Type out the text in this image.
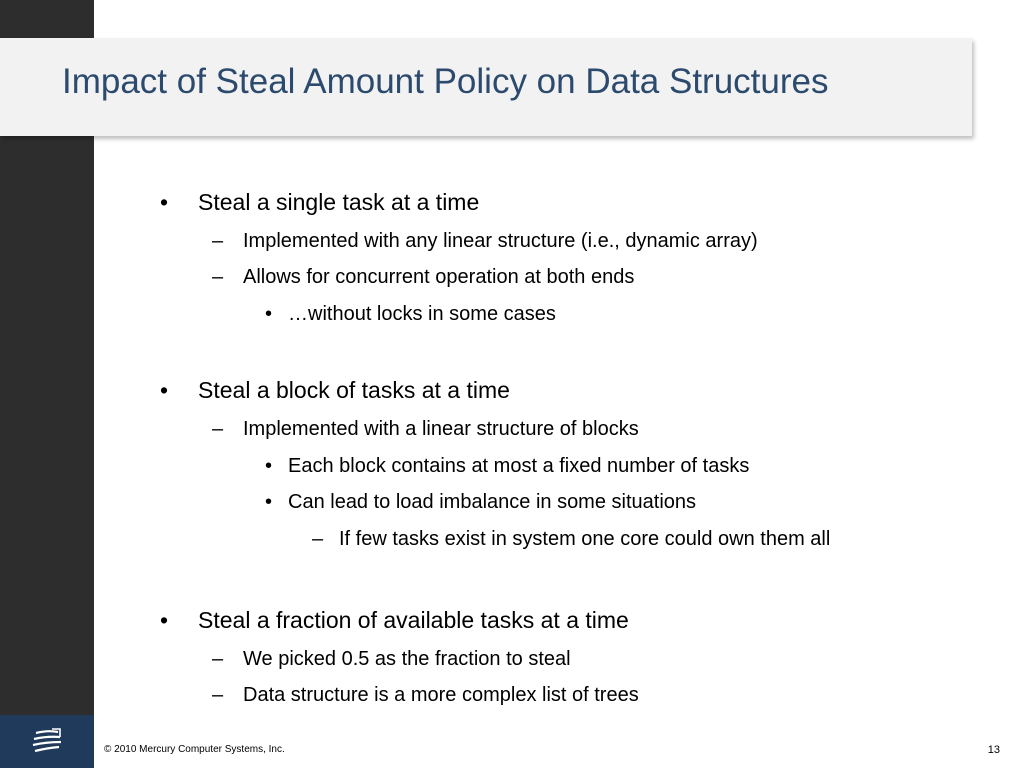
Impact of Steal Amount Policy on Data Structures
• Steal a single task at a time
– Implemented with any linear structure (i.e., dynamic array)
– Allows for concurrent operation at both ends
• …without locks in some cases
• Steal a block of tasks at a time
– Implemented with a linear structure of blocks
• Each block contains at most a fixed number of tasks
• Can lead to load imbalance in some situations
– If few tasks exist in system one core could own them all
• Steal a fraction of available tasks at a time
– We picked 0.5 as the fraction to steal
– Data structure is a more complex list of trees
© 2010 Mercury Computer Systems, Inc.	13
